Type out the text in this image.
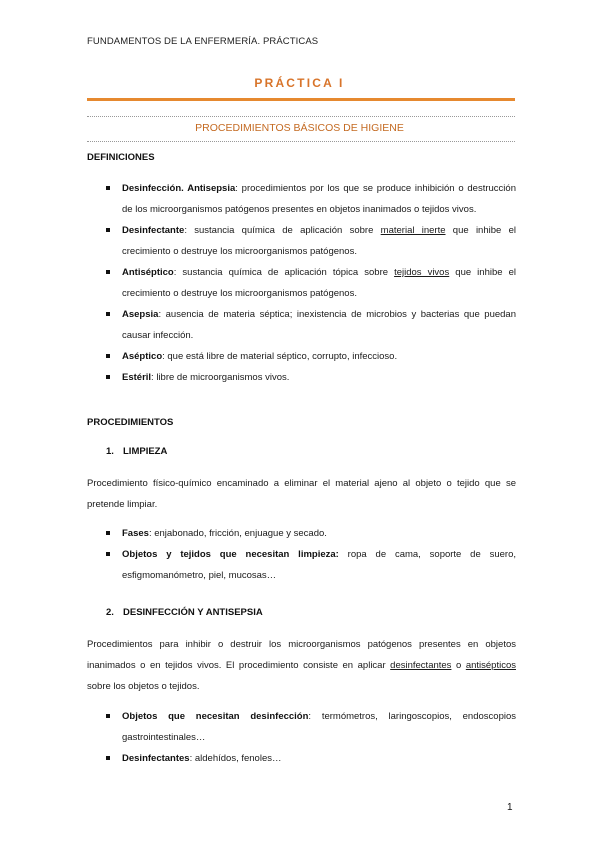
FUNDAMENTOS DE LA ENFERMERÍA. PRÁCTICAS
PRÁCTICA I
PROCEDIMIENTOS BÁSICOS DE HIGIENE
DEFINICIONES
Desinfección. Antisepsia: procedimientos por los que se produce inhibición o destrucción de los microorganismos patógenos presentes en objetos inanimados o tejidos vivos.
Desinfectante: sustancia química de aplicación sobre material inerte que inhibe el crecimiento o destruye los microorganismos patógenos.
Antiséptico: sustancia química de aplicación tópica sobre tejidos vivos que inhibe el crecimiento o destruye los microorganismos patógenos.
Asepsia: ausencia de materia séptica; inexistencia de microbios y bacterias que puedan causar infección.
Aséptico: que está libre de material séptico, corrupto, infeccioso.
Estéril: libre de microorganismos vivos.
PROCEDIMIENTOS
1. LIMPIEZA
Procedimiento físico-químico encaminado a eliminar el material ajeno al objeto o tejido que se pretende limpiar.
Fases: enjabonado, fricción, enjuague y secado.
Objetos y tejidos que necesitan limpieza: ropa de cama, soporte de suero, esfigmomanómetro, piel, mucosas…
2. DESINFECCIÓN Y ANTISEPSIA
Procedimientos para inhibir o destruir los microorganismos patógenos presentes en objetos inanimados o en tejidos vivos. El procedimiento consiste en aplicar desinfectantes o antisépticos sobre los objetos o tejidos.
Objetos que necesitan desinfección: termómetros, laringoscopios, endoscopios gastrointestinales…
Desinfectantes: aldehídos, fenoles…
1
